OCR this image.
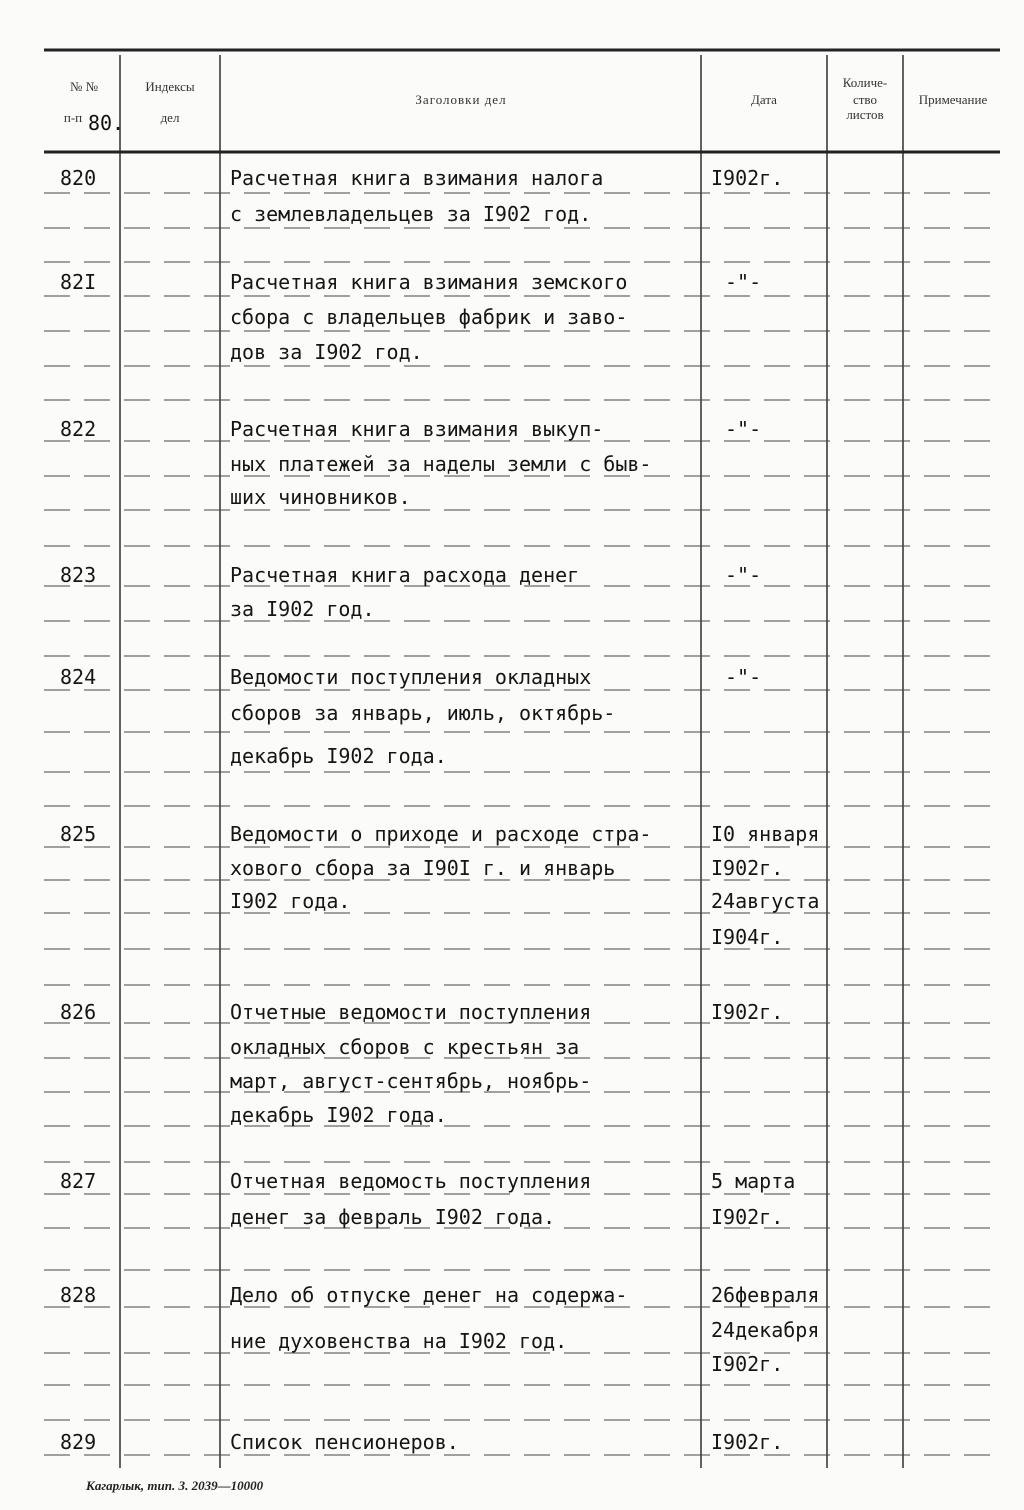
№ №
п-п 80.
Индексы
дел
Заголовки дел	Дата
Количе-
ство
листов
Примечание
820
82I
822
823
824
825
826
827
828
829
Расчетная книга взимания налога
с землевладельцев за I902 год.
Расчетная книга взимания земского
сбора с владельцев фабрик и заво-
дов за I902 год.
Расчетная книга взимания выкуп-
ных платежей за наделы земли с быв-
ших чиновников.
Расчетная книга расхода денег
за I902 год.
Ведомости поступления окладных
сборов за январь, июль, октябрь-
декабрь I902 года.
Ведомости о приходе и расходе стра-
хового сбора за I90I г. и январь
I902 года.
Отчетные ведомости поступления
окладных сборов с крестьян за
март, август-сентябрь, ноябрь-
декабрь I902 года.
Отчетная ведомость поступления
денег за февраль I902 года.
Дело об отпуске денег на содержа-
ние духовенства на I902 год.
Список пенсионеров.
I902г.
-"-
-"-
-"-
-"-
I0 января
I902г.
24августа
I904г.
I902г.
5 марта
I902г.
26февраля
24декабря
I902г.
I902г.
Кагарлык, тип. З. 2039—10000
